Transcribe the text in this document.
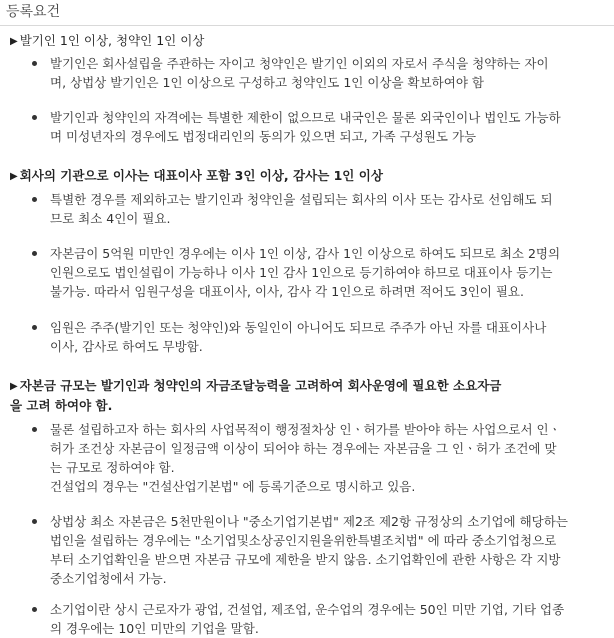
등록요건
▶ 발기인 1인 이상, 청약인 1인 이상
발기인은 회사설립을 주관하는 자이고 청약인은 발기인 이외의 자로서 주식을 청약하는 자이
며, 상법상 발기인은 1인 이상으로 구성하고 청약인도 1인 이상을 확보하여야 함
발기인과 청약인의 자격에는 특별한 제한이 없으므로 내국인은 물론 외국인이나 법인도 가능하
며 미성년자의 경우에도 법정대리인의 동의가 있으면 되고, 가족 구성원도 가능
▶ 회사의 기관으로 이사는 대표이사 포함 3인 이상, 감사는 1인 이상
특별한 경우를 제외하고는 발기인과 청약인을 설립되는 회사의 이사 또는 감사로 선임해도 되
므로 최소 4인이 필요.
자본금이 5억원 미만인 경우에는 이사 1인 이상, 감사 1인 이상으로 하여도 되므로 최소 2명의
인원으로도 법인설립이 가능하나 이사 1인 감사 1인으로 등기하여야 하므로 대표이사 등기는
불가능. 따라서 임원구성을 대표이사, 이사, 감사 각 1인으로 하려면 적어도 3인이 필요.
임원은 주주(발기인 또는 청약인)와 동일인이 아니어도 되므로 주주가 아닌 자를 대표이사나
이사, 감사로 하여도 무방함.
▶ 자본금 규모는 발기인과 청약인의 자금조달능력을 고려하여 회사운영에 필요한 소요자금
을 고려 하여야 함.
물론 설립하고자 하는 회사의 사업목적이 행정절차상 인ㆍ허가를 받아야 하는 사업으로서 인ㆍ
허가 조건상 자본금이 일정금액 이상이 되어야 하는 경우에는 자본금을 그 인ㆍ허가 조건에 맞
는 규모로 정하여야 함.
건설업의 경우는 "건설산업기본법" 에 등록기준으로 명시하고 있음.
상법상 최소 자본금은 5천만원이나 "중소기업기본법" 제2조 제2항 규정상의 소기업에 해당하는
법인을 설립하는 경우에는 "소기업및소상공인지원을위한특별조치법" 에 따라 중소기업청으로
부터 소기업확인을 받으면 자본금 규모에 제한을 받지 않음. 소기업확인에 관한 사항은 각 지방
중소기업청에서 가능.
소기업이란 상시 근로자가 광업, 건설업, 제조업, 운수업의 경우에는 50인 미만 기업, 기타 업종
의 경우에는 10인 미만의 기업을 말함.
